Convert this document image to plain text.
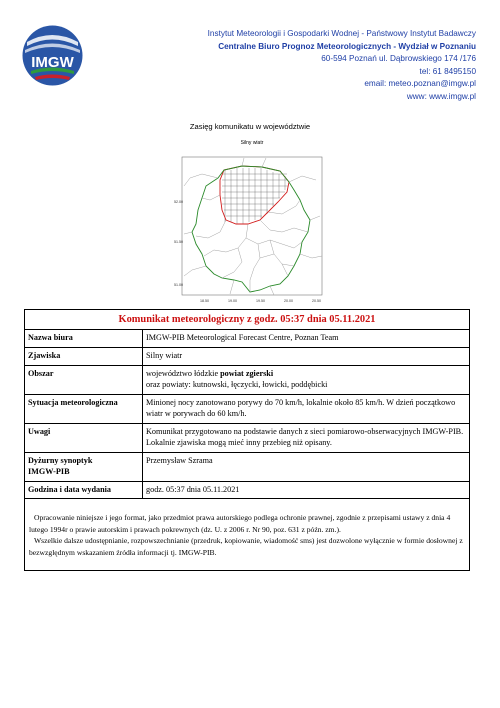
IMGW
Instytut Meteorologii i Gospodarki Wodnej - Państwowy Instytut Badawczy
Centralne Biuro Prognoz Meteorologicznych - Wydział w Poznaniu
60-594 Poznań ul. Dąbrowskiego 174 /176
tel: 61 8495150
email: meteo.poznan@imgw.pl
www: www.imgw.pl
Zasięg komunikatu w województwie
Silny wiatr
52.00
51.50
51.00
18.50	19.00	19.50	20.00	20.50
Komunikat meteorologiczny z godz. 05:37 dnia 05.11.2021
Nazwa biura	IMGW-PIB Meteorological Forecast Centre, Poznan Team
Zjawiska	Silny wiatr
Obszar	województwo łódzkie powiat zgierski
oraz powiaty: kutnowski, łęczycki, łowicki, poddębicki
Sytuacja meteorologiczna	Minionej nocy zanotowano porywy do 70 km/h, lokalnie około 85 km/h. W dzień początkowo wiatr w porywach do 60 km/h.
Uwagi	Komunikat przygotowano na podstawie danych z sieci pomiarowo-obserwacyjnych IMGW-PIB. Lokalnie zjawiska mogą mieć inny przebieg niż opisany.
Dyżurny synoptyk
IMGW-PIB	Przemysław Szrama
Godzina i data wydania	godz. 05:37 dnia 05.11.2021

Opracowanie niniejsze i jego format, jako przedmiot prawa autorskiego podlega ochronie prawnej, zgodnie z przepisami ustawy z dnia 4 lutego 1994r o prawie autorskim i prawach pokrewnych (dz. U. z 2006 r. Nr 90, poz. 631 z późn. zm.).

Wszelkie dalsze udostępnianie, rozpowszechnianie (przedruk, kopiowanie, wiadomość sms) jest dozwolone wyłącznie w formie dosłownej z bezwzględnym wskazaniem źródła informacji tj. IMGW-PIB.
